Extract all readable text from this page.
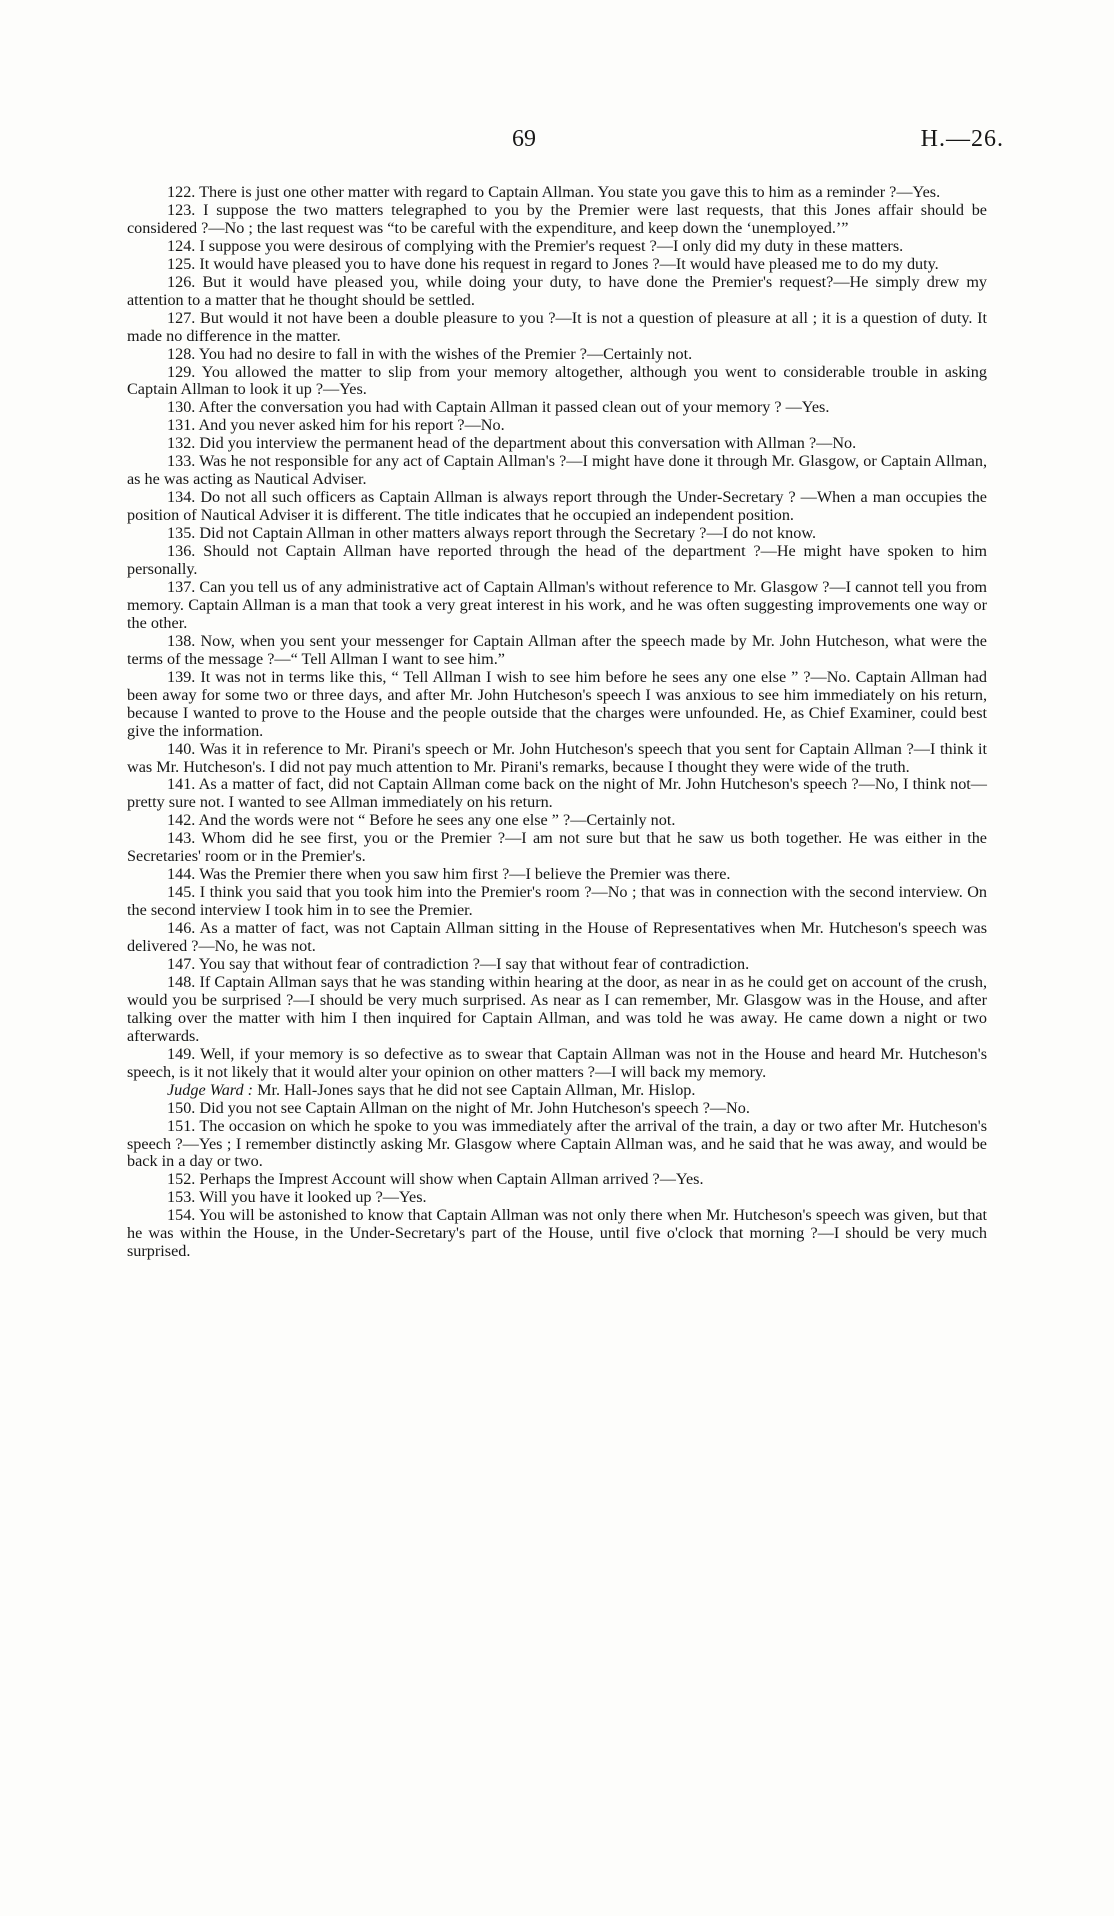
69	H.—26.

122. There is just one other matter with regard to Captain Allman. You state you gave this to him as a reminder ?—Yes.

123. I suppose the two matters telegraphed to you by the Premier were last requests, that this Jones affair should be considered ?—No ; the last request was “to be careful with the expenditure, and keep down the ‘unemployed.’”

124. I suppose you were desirous of complying with the Premier's request ?—I only did my duty in these matters.

125. It would have pleased you to have done his request in regard to Jones ?—It would have pleased me to do my duty.

126. But it would have pleased you, while doing your duty, to have done the Premier's request?—He simply drew my attention to a matter that he thought should be settled.

127. But would it not have been a double pleasure to you ?—It is not a question of pleasure at all ; it is a question of duty. It made no difference in the matter.

128. You had no desire to fall in with the wishes of the Premier ?—Certainly not.

129. You allowed the matter to slip from your memory altogether, although you went to considerable trouble in asking Captain Allman to look it up ?—Yes.

130. After the conversation you had with Captain Allman it passed clean out of your memory ? —Yes.

131. And you never asked him for his report ?—No.

132. Did you interview the permanent head of the department about this conversation with Allman ?—No.

133. Was he not responsible for any act of Captain Allman's ?—I might have done it through Mr. Glasgow, or Captain Allman, as he was acting as Nautical Adviser.

134. Do not all such officers as Captain Allman is always report through the Under-Secretary ? —When a man occupies the position of Nautical Adviser it is different. The title indicates that he occupied an independent position.

135. Did not Captain Allman in other matters always report through the Secretary ?—I do not know.

136. Should not Captain Allman have reported through the head of the department ?—He might have spoken to him personally.

137. Can you tell us of any administrative act of Captain Allman's without reference to Mr. Glasgow ?—I cannot tell you from memory. Captain Allman is a man that took a very great interest in his work, and he was often suggesting improvements one way or the other.

138. Now, when you sent your messenger for Captain Allman after the speech made by Mr. John Hutcheson, what were the terms of the message ?—“ Tell Allman I want to see him.”

139. It was not in terms like this, “ Tell Allman I wish to see him before he sees any one else ” ?—No. Captain Allman had been away for some two or three days, and after Mr. John Hutcheson's speech I was anxious to see him immediately on his return, because I wanted to prove to the House and the people outside that the charges were unfounded. He, as Chief Examiner, could best give the information.

140. Was it in reference to Mr. Pirani's speech or Mr. John Hutcheson's speech that you sent for Captain Allman ?—I think it was Mr. Hutcheson's. I did not pay much attention to Mr. Pirani's remarks, because I thought they were wide of the truth.

141. As a matter of fact, did not Captain Allman come back on the night of Mr. John Hutcheson's speech ?—No, I think not—pretty sure not. I wanted to see Allman immediately on his return.

142. And the words were not “ Before he sees any one else ” ?—Certainly not.

143. Whom did he see first, you or the Premier ?—I am not sure but that he saw us both together. He was either in the Secretaries' room or in the Premier's.

144. Was the Premier there when you saw him first ?—I believe the Premier was there.

145. I think you said that you took him into the Premier's room ?—No ; that was in connection with the second interview. On the second interview I took him in to see the Premier.

146. As a matter of fact, was not Captain Allman sitting in the House of Representatives when Mr. Hutcheson's speech was delivered ?—No, he was not.

147. You say that without fear of contradiction ?—I say that without fear of contradiction.

148. If Captain Allman says that he was standing within hearing at the door, as near in as he could get on account of the crush, would you be surprised ?—I should be very much surprised. As near as I can remember, Mr. Glasgow was in the House, and after talking over the matter with him I then inquired for Captain Allman, and was told he was away. He came down a night or two afterwards.

149. Well, if your memory is so defective as to swear that Captain Allman was not in the House and heard Mr. Hutcheson's speech, is it not likely that it would alter your opinion on other matters ?—I will back my memory.

Judge Ward : Mr. Hall-Jones says that he did not see Captain Allman, Mr. Hislop.

150. Did you not see Captain Allman on the night of Mr. John Hutcheson's speech ?—No.

151. The occasion on which he spoke to you was immediately after the arrival of the train, a day or two after Mr. Hutcheson's speech ?—Yes ; I remember distinctly asking Mr. Glasgow where Captain Allman was, and he said that he was away, and would be back in a day or two.

152. Perhaps the Imprest Account will show when Captain Allman arrived ?—Yes.

153. Will you have it looked up ?—Yes.

154. You will be astonished to know that Captain Allman was not only there when Mr. Hutcheson's speech was given, but that he was within the House, in the Under-Secretary's part of the House, until five o'clock that morning ?—I should be very much surprised.
